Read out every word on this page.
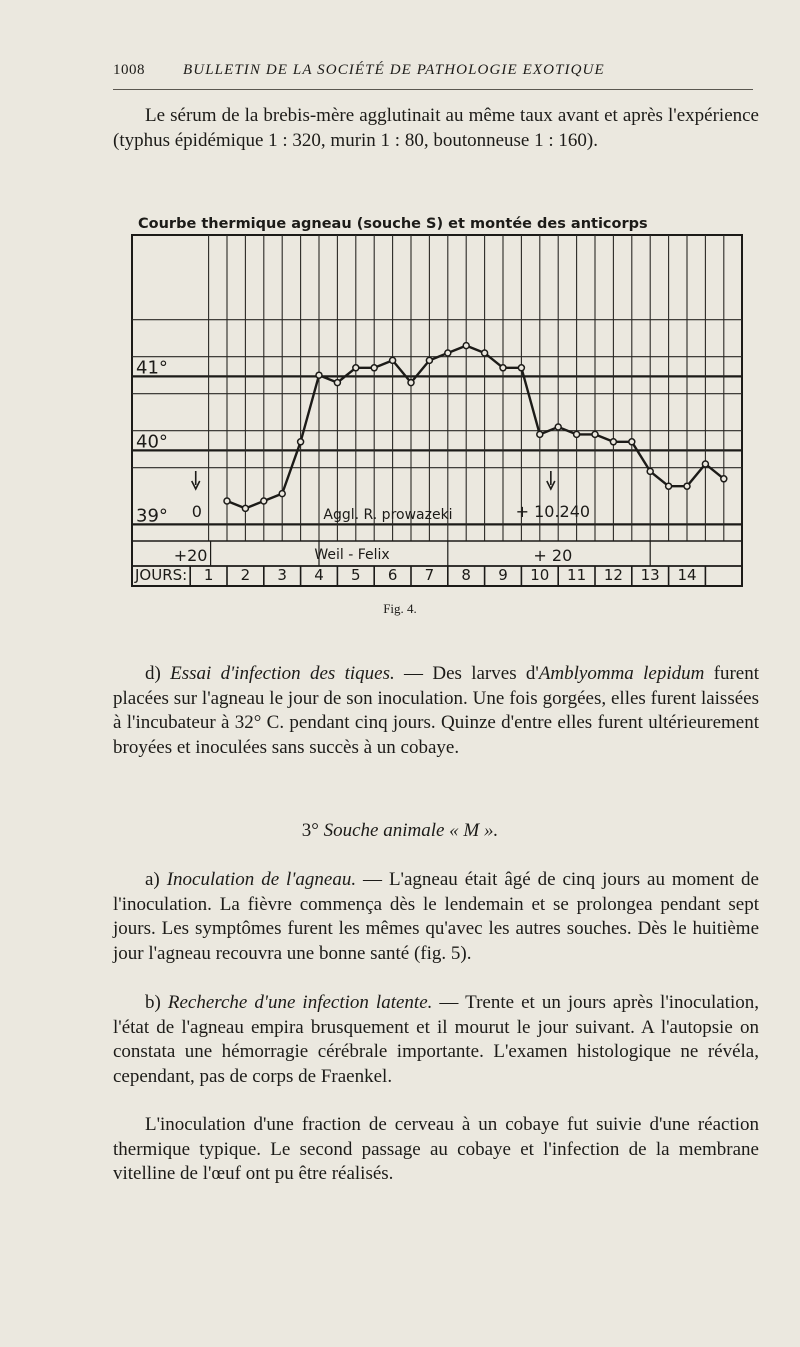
1008	BULLETIN DE LA SOCIÉTÉ DE PATHOLOGIE EXOTIQUE

Le sérum de la brebis-mère agglutinait au même taux avant et après l'expérience (typhus épidémique 1 : 320, murin 1 : 80, boutonneuse 1 : 160).

Courbe thermique agneau (souche S) et montée des anticorps
41°
40°
39° 0
+20
Aggl. R. prowazeki
Weil - Felix
+ 10.240
+ 20
JOURS: 1 2 3 4 5 6 7 8 9 10 11 12 13 14
Fig. 4.

d) Essai d'infection des tiques. — Des larves d'Amblyomma lepidum furent placées sur l'agneau le jour de son inoculation. Une fois gorgées, elles furent laissées à l'incubateur à 32° C. pendant cinq jours. Quinze d'entre elles furent ultérieurement broyées et inoculées sans succès à un cobaye.

3° Souche animale « M ».

a) Inoculation de l'agneau. — L'agneau était âgé de cinq jours au moment de l'inoculation. La fièvre commença dès le lendemain et se prolongea pendant sept jours. Les symptômes furent les mêmes qu'avec les autres souches. Dès le huitième jour l'agneau recouvra une bonne santé (fig. 5).

b) Recherche d'une infection latente. — Trente et un jours après l'inoculation, l'état de l'agneau empira brusquement et il mourut le jour suivant. A l'autopsie on constata une hémorragie cérébrale importante. L'examen histologique ne révéla, cependant, pas de corps de Fraenkel.

L'inoculation d'une fraction de cerveau à un cobaye fut suivie d'une réaction thermique typique. Le second passage au cobaye et l'infection de la membrane vitelline de l'œuf ont pu être réalisés.
